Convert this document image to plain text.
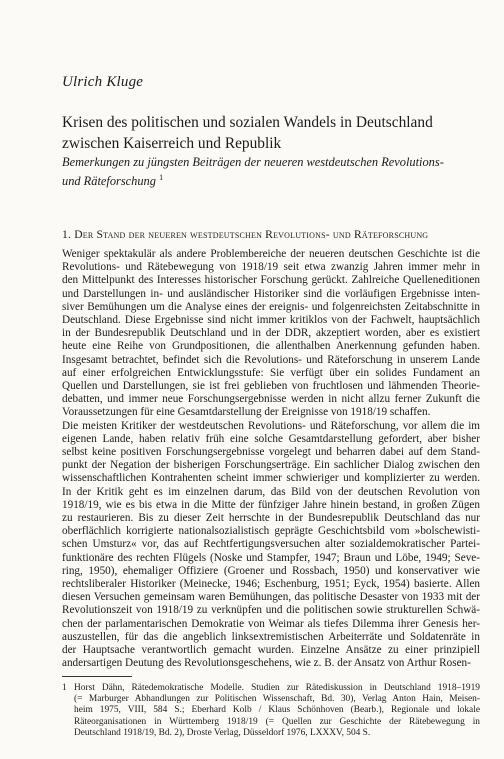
Ulrich Kluge
Krisen des politischen und sozialen Wandels in Deutschland
zwischen Kaiserreich und Republik
Bemerkungen zu jüngsten Beiträgen der neueren westdeutschen Revolutions-
und Räteforschung $^1$
1. Der Stand der neueren westdeutschen Revolutions- und Räteforschung
Weniger spektakulär als andere Problembereiche der neueren deutschen Geschichte ist die
Revolutions- und Rätebewegung von 1918/19 seit etwa zwanzig Jahren immer mehr in
den Mittelpunkt des Interesses historischer Forschung gerückt. Zahlreiche Quelleneditionen
und Darstellungen in- und ausländischer Historiker sind die vorläufigen Ergebnisse inten-
siver Bemühungen um die Analyse eines der ereignis- und folgenreichsten Zeitabschnitte in
Deutschland. Diese Ergebnisse sind nicht immer kritiklos von der Fachwelt, hauptsächlich
in der Bundesrepublik Deutschland und in der DDR, akzeptiert worden, aber es existiert
heute eine Reihe von Grundpositionen, die allenthalben Anerkennung gefunden haben.
Insgesamt betrachtet, befindet sich die Revolutions- und Räteforschung in unserem Lande
auf einer erfolgreichen Entwicklungsstufe: Sie verfügt über ein solides Fundament an
Quellen und Darstellungen, sie ist frei geblieben von fruchtlosen und lähmenden Theorie-
debatten, und immer neue Forschungsergebnisse werden in nicht allzu ferner Zukunft die
Voraussetzungen für eine Gesamtdarstellung der Ereignisse von 1918/19 schaffen.
Die meisten Kritiker der westdeutschen Revolutions- und Räteforschung, vor allem die im
eigenen Lande, haben relativ früh eine solche Gesamtdarstellung gefordert, aber bisher
selbst keine positiven Forschungsergebnisse vorgelegt und beharren dabei auf dem Stand-
punkt der Negation der bisherigen Forschungserträge. Ein sachlicher Dialog zwischen den
wissenschaftlichen Kontrahenten scheint immer schwieriger und komplizierter zu werden.
In der Kritik geht es im einzelnen darum, das Bild von der deutschen Revolution von
1918/19, wie es bis etwa in die Mitte der fünfziger Jahre hinein bestand, in großen Zügen
zu restaurieren. Bis zu dieser Zeit herrschte in der Bundesrepublik Deutschland das nur
oberflächlich korrigierte nationalsozialistisch geprägte Geschichtsbild vom »bolschewisti-
schen Umsturz« vor, das auf Rechtfertigungsversuchen alter sozialdemokratischer Partei-
funktionäre des rechten Flügels (Noske und Stampfer, 1947; Braun und Löbe, 1949; Seve-
ring, 1950), ehemaliger Offiziere (Groener und Rossbach, 1950) und konservativer wie
rechtsliberaler Historiker (Meinecke, 1946; Eschenburg, 1951; Eyck, 1954) basierte. Allen
diesen Versuchen gemeinsam waren Bemühungen, das politische Desaster von 1933 mit der
Revolutionszeit von 1918/19 zu verknüpfen und die politischen sowie strukturellen Schwä-
chen der parlamentarischen Demokratie von Weimar als tiefes Dilemma ihrer Genesis her-
auszustellen, für das die angeblich linksextremistischen Arbeiterräte und Soldatenräte in
der Hauptsache verantwortlich gemacht wurden. Einzelne Ansätze zu einer prinzipiell
andersartigen Deutung des Revolutionsgeschehens, wie z. B. der Ansatz von Arthur Rosen-
1 Horst Dähn, Rätedemokratische Modelle. Studien zur Rätediskussion in Deutschland 1918–1919
(= Marburger Abhandlungen zur Politischen Wissenschaft, Bd. 30), Verlag Anton Hain, Meisen-
heim 1975, VIII, 584 S.; Eberhard Kolb / Klaus Schönhoven (Bearb.), Regionale und lokale
Räteorganisationen in Württemberg 1918/19 (= Quellen zur Geschichte der Rätebewegung in
Deutschland 1918/19, Bd. 2), Droste Verlag, Düsseldorf 1976, LXXXV, 504 S.
